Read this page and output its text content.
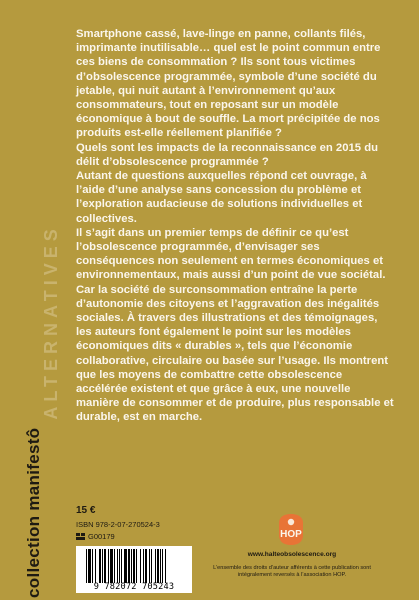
collection manifestô
ALTERNATIVES

Smartphone cassé, lave-linge en panne, collants filés, imprimante inutilisable… quel est le point commun entre ces biens de consommation ? Ils sont tous victimes d’obsolescence programmée, symbole d’une société du jetable, qui nuit autant à l’environnement qu’aux consommateurs, tout en reposant sur un modèle économique à bout de souffle. La mort précipitée de nos produits est-elle réellement planifiée ?

Quels sont les impacts de la reconnaissance en 2015 du délit d’obsolescence programmée ?

Autant de questions auxquelles répond cet ouvrage, à l’aide d’une analyse sans concession du problème et l’exploration audacieuse de solutions individuelles et collectives.

Il s’agit dans un premier temps de définir ce qu’est l’obsolescence programmée, d’envisager ses conséquences non seulement en termes économiques et environnementaux, mais aussi d’un point de vue sociétal. Car la société de surconsommation entraîne la perte d’autonomie des citoyens et l’aggravation des inégalités sociales. À travers des illustrations et des témoignages, les auteurs font également le point sur les modèles économiques dits « durables », tels que l’économie collaborative, circulaire ou basée sur l’usage. Ils montrent que les moyens de combattre cette obsolescence accélérée existent et que grâce à eux, une nouvelle manière de consommer et de produire, plus responsable et durable, est en marche.

15 €
ISBN 978-2-07-270524-3
G00179
9 782072 705243
HOP
www.halteobsolescence.org
L’ensemble des droits d’auteur afférents à cette publication sont intégralement reversés à l’association HOP.
